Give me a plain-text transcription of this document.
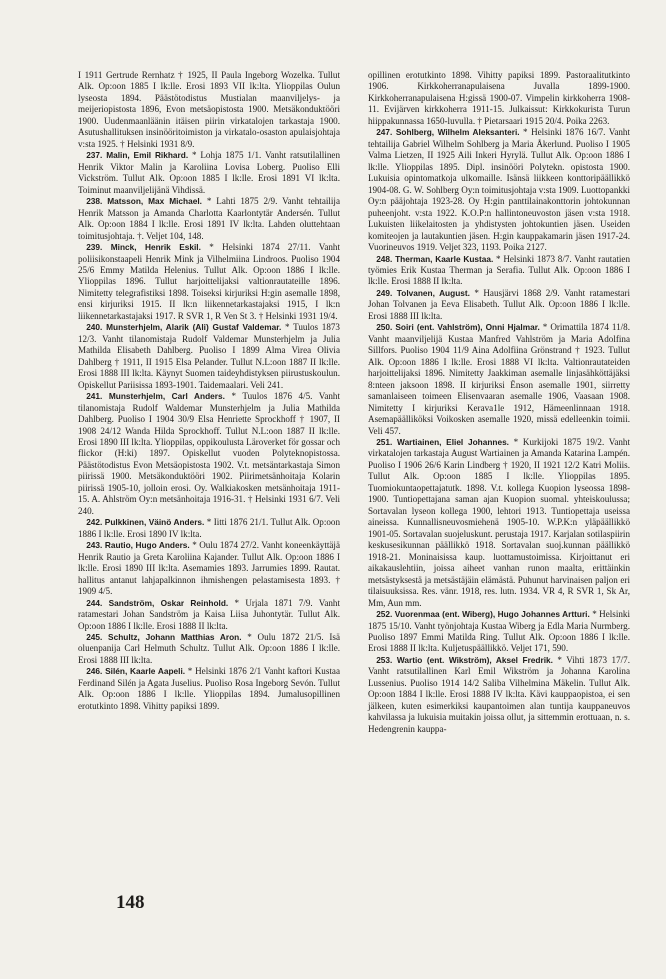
I 1911 Gertrude Rernhatz † 1925, II Paula Ingeborg Wozelka. Tullut Alk. Op:oon 1885 I lk:lle. Erosi 1893 VII lk:lta. Ylioppilas Oulun lyseosta 1894. Päästötodistus Mustialan maanviljelys- ja meijeriopistosta 1896, Evon metsäopistosta 1900. Metsäkonduktööri 1900. Uudenmaanläänin itäisen piirin virkatalojen tarkastaja 1900. Asutushallituksen insinööritoimiston ja virkatalo-osaston apulaisjohtaja v:sta 1925. † Helsinki 1931 8/9.

237. Malin, Emil Rikhard. * Lohja 1875 1/1. Vanht ratsutilallinen Henrik Viktor Malin ja Karoliina Lovisa Loberg. Puoliso Elli Vickström. Tullut Alk. Op:oon 1885 I lk:lle. Erosi 1891 VI lk:lta. Toiminut maanviljelijänä Vihdissä.

238. Matsson, Max Michael. * Lahti 1875 2/9. Vanht tehtailija Henrik Matsson ja Amanda Charlotta Kaarlontytär Andersén. Tullut Alk. Op:oon 1884 I lk:lle. Erosi 1891 IV lk:lta. Lahden oluttehtaan toimitusjohtaja. †. Veljet 104, 148.

239. Minck, Henrik Eskil. * Helsinki 1874 27/11. Vanht poliisikonstaapeli Henrik Mink ja Vilhelmiina Lindroos. Puoliso 1904 25/6 Emmy Matilda Helenius. Tullut Alk. Op:oon 1886 I lk:lle. Ylioppilas 1896. Tullut harjoittelijaksi valtionrautateille 1896. Nimitetty telegrafistiksi 1898. Toiseksi kirjuriksi H:gin asemalle 1898, ensi kirjuriksi 1915. II lk:n liikennetarkastajaksi 1915, I lk:n liikennetarkastajaksi 1917. R SVR 1, R Ven St 3. † Helsinki 1931 19/4.

240. Munsterhjelm, Alarik (Ali) Gustaf Valdemar. * Tuulos 1873 12/3. Vanht tilanomistaja Rudolf Valdemar Munsterhjelm ja Julia Mathilda Elisabeth Dahlberg. Puoliso I 1899 Alma Virea Olivia Dahlberg † 1911, II 1915 Elsa Pelander. Tullut N.L:oon 1887 II lk:lle. Erosi 1888 III lk:lta. Käynyt Suomen taideyhdistyksen piirustuskoulun. Opiskellut Pariisissa 1893-1901. Taidemaalari. Veli 241.

241. Munsterhjelm, Carl Anders. * Tuulos 1876 4/5. Vanht tilanomistaja Rudolf Waldemar Munsterhjelm ja Julia Mathilda Dahlberg. Puoliso I 1904 30/9 Elsa Henriette Sprockhoff † 1907, II 1908 24/12 Wanda Hilda Sprockhoff. Tullut N.L:oon 1887 II lk:lle. Erosi 1890 III lk:lta. Ylioppilas, oppikoulusta Läroverket för gossar och flickor (H:ki) 1897. Opiskellut vuoden Polyteknopistossa. Päästötodistus Evon Metsäopistosta 1902. V.t. metsäntarkastaja Simon piirissä 1900. Metsäkonduktööri 1902. Piirimetsänhoitaja Kolarin piirissä 1905-10, jolloin erosi. Oy. Walkiakosken metsänhoitaja 1911-15. A. Ahlström Oy:n metsänhoitaja 1916-31. † Helsinki 1931 6/7. Veli 240.

242. Pulkkinen, Väinö Anders. * Iitti 1876 21/1. Tullut Alk. Op:oon 1886 I lk:lle. Erosi 1890 IV lk:lta.

243. Rautio, Hugo Anders. * Oulu 1874 27/2. Vanht koneenkäyttäjä Henrik Rautio ja Greta Karoliina Kajander. Tullut Alk. Op:oon 1886 I lk:lle. Erosi 1890 III lk:lta. Asemamies 1893. Jarrumies 1899. Rautat. hallitus antanut lahjapalkinnon ihmishengen pelastamisesta 1893. † 1909 4/5.

244. Sandström, Oskar Reinhold. * Urjala 1871 7/9. Vanht ratamestari Johan Sandström ja Kaisa Liisa Juhontytär. Tullut Alk. Op:oon 1886 I lk:lle. Erosi 1888 II lk:lta.

245. Schultz, Johann Matthias Aron. * Oulu 1872 21/5. Isä oluenpanija Carl Helmuth Schultz. Tullut Alk. Op:oon 1886 I lk:lle. Erosi 1888 III lk:lta.

246. Silén, Kaarle Aapeli. * Helsinki 1876 2/1 Vanht kaftori Kustaa Ferdinand Silén ja Agata Juselius. Puoliso Rosa Ingeborg Sevón. Tullut Alk. Op:oon 1886 I lk:lle. Ylioppilas 1894. Jumalusopillinen erotutkinto 1898. Vihitty papiksi 1899.

opillinen erotutkinto 1898. Vihitty papiksi 1899. Pastoraalitutkinto 1906. Kirkkoherranapulaisena Juvalla 1899-1900. Kirkkoherranapulaisena H:gissä 1900-07. Vimpelin kirkkoherra 1908-11. Evijärven kirkkoherra 1911-15. Julkaissut: Kirkkokurista Turun hiippakunnassa 1650-luvulla. † Pietarsaari 1915 20/4. Poika 2263.

247. Sohlberg, Wilhelm Aleksanteri. * Helsinki 1876 16/7. Vanht tehtailija Gabriel Wilhelm Sohlberg ja Maria Åkerlund. Puoliso I 1905 Valma Lietzen, II 1925 Aili Inkeri Hyrylä. Tullut Alk. Op:oon 1886 I lk:lle. Ylioppilas 1895. Dipl. insinööri Polytekn. opistosta 1900. Lukuisia opintomatkoja ulkomaille. Isänsä liikkeen konttoripäällikkö 1904-08. G. W. Sohlberg Oy:n toimitusjohtaja v:sta 1909. Luottopankki Oy:n pääjohtaja 1923-28. Oy H:gin panttilainakonttorin johtokunnan puheenjoht. v:sta 1922. K.O.P:n hallintoneuvoston jäsen v:sta 1918. Lukuisten liikelaitosten ja yhdistysten johtokuntien jäsen. Useiden komiteojen ja lautakuntien jäsen. H:gin kauppakamarin jäsen 1917-24. Vuorineuvos 1919. Veljet 323, 1193. Poika 2127.

248. Therman, Kaarle Kustaa. * Helsinki 1873 8/7. Vanht rautatien työmies Erik Kustaa Therman ja Serafia. Tullut Alk. Op:oon 1886 I lk:lle. Erosi 1888 II lk:lta.

249. Tolvanen, August. * Hausjärvi 1868 2/9. Vanht ratamestari Johan Tolvanen ja Eeva Elisabeth. Tullut Alk. Op:oon 1886 I lk:lle. Erosi 1888 III lk:lta.

250. Soiri (ent. Vahlström), Onni Hjalmar. * Orimattila 1874 11/8. Vanht maanviljelijä Kustaa Manfred Vahlström ja Maria Adolfina Sillfors. Puoliso 1904 11/9 Aina Adolfiina Grönstrand † 1923. Tullut Alk. Op:oon 1886 I lk:lle. Erosi 1888 VI lk:lta. Valtionrautateiden harjoittelijaksi 1896. Nimitetty Jaakkiman asemalle linjasähköttäjäksi 8:nteen jaksoon 1898. II kirjuriksi Ënson asemalle 1901, siirretty samanlaiseen toimeen Elisenvaaran asemalle 1906, Vaasaan 1908. Nimitetty I kirjuriksi Kerava1le 1912, Hämeenlinnaan 1918. Asemapäälliköksi Voikosken asemalle 1920, missä edelleenkin toimii. Veli 457.

251. Wartiainen, Eliel Johannes. * Kurkijoki 1875 19/2. Vanht virkatalojen tarkastaja August Wartiainen ja Amanda Katarina Lampén. Puoliso I 1906 26/6 Karin Lindberg † 1920, II 1921 12/2 Katri Moliis. Tullut Alk. Op:oon 1885 I lk:lle. Ylioppilas 1895. Tuomiokuntaopettajatutk. 1898. V.t. kollega Kuopion lyseossa 1898-1900. Tuntiopettajana saman ajan Kuopion suomal. yhteiskoulussa; Sortavalan lyseon kollega 1900, lehtori 1913. Tuntiopettaja useissa aineissa. Kunnallisneuvosmiehenä 1905-10. W.P.K:n yläpäällikkö 1901-05. Sortavalan suojeluskunt. perustaja 1917. Karjalan sotilaspiirin keskusesikunnan päällikkö 1918. Sortavalan suoj.kunnan päällikkö 1918-21. Moninaisissa kaup. luottamustoimissa. Kirjoittanut eri aikakauslehtiin, joissa aiheet vanhan runon maalta, erittäinkin metsästyksestä ja metsästäjäin elämästä. Puhunut harvinaisen paljon eri tilaisuuksissa. Res. vänr. 1918, res. lutn. 1934. VR 4, R SVR 1, Sk Ar, Mm, Aun mm.

252. Vuorenmaa (ent. Wiberg), Hugo Johannes Artturi. * Helsinki 1875 15/10. Vanht työnjohtaja Kustaa Wiberg ja Edla Maria Nurmberg. Puoliso 1897 Emmi Matilda Ring. Tullut Alk. Op:oon 1886 I lk:lle. Erosi 1888 II lk:lta. Kuljetuspäällikkö. Veljet 171, 590.

253. Wartio (ent. Wikström), Aksel Fredrik. * Vihti 1873 17/7. Vanht ratsutilallinen Karl Emil Wikström ja Johanna Karolina Lussenius. Puoliso 1914 14/2 Saliba Vilhelmina Mäkelin. Tullut Alk. Op:oon 1884 I lk:lle. Erosi 1888 IV lk:lta. Kävi kauppaopistoa, ei sen jälkeen, kuten esimerkiksi kaupantoimen alan tuntija kauppaneuvos kahvilassa ja lukuisia muitakin joissa ollut, ja sittemmin erottuaan, n. s. Hedengrenin kauppa-

148
